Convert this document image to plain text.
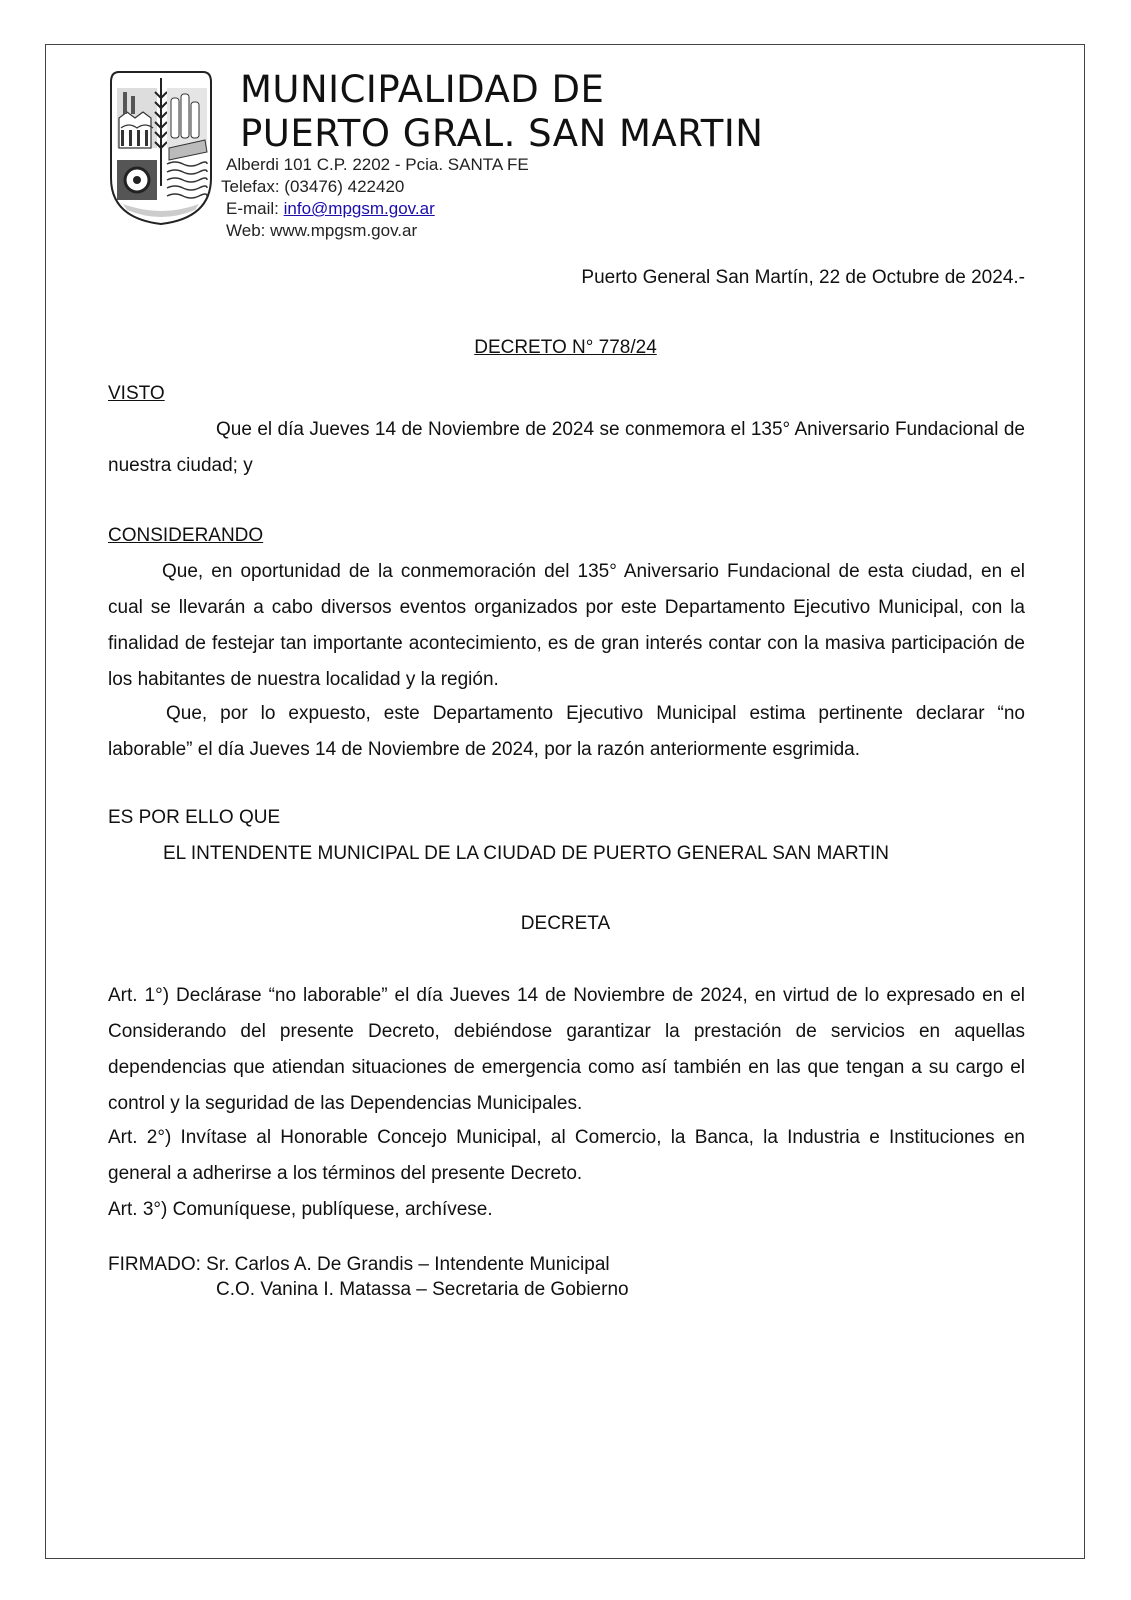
MUNICIPALIDAD DE
PUERTO GRAL. SAN MARTIN
Alberdi 101 C.P. 2202 - Pcia. SANTA FE
Telefax: (03476) 422420
E-mail: info@mpgsm.gov.ar
Web: www.mpgsm.gov.ar
Puerto General San Martín, 22 de Octubre de 2024.-
DECRETO N° 778/24
VISTO
Que el día Jueves 14 de Noviembre de 2024 se conmemora el 135° Aniversario Fundacional de nuestra ciudad; y
CONSIDERANDO
Que, en oportunidad de la conmemoración del 135° Aniversario Fundacional de esta ciudad, en el cual se llevarán a cabo diversos eventos organizados por este Departamento Ejecutivo Municipal, con la finalidad de festejar tan importante acontecimiento, es de gran interés contar con la masiva participación de los habitantes de nuestra localidad y la región.
Que, por lo expuesto, este Departamento Ejecutivo Municipal estima pertinente declarar “no laborable” el día Jueves 14 de Noviembre de 2024, por la razón anteriormente esgrimida.
ES POR ELLO QUE
EL INTENDENTE MUNICIPAL DE LA CIUDAD DE PUERTO GENERAL SAN MARTIN
DECRETA
Art. 1°) Declárase “no laborable” el día Jueves 14 de Noviembre de 2024, en virtud de lo expresado en el Considerando del presente Decreto, debiéndose garantizar la prestación de servicios en aquellas dependencias que atiendan situaciones de emergencia como así también en las que tengan a su cargo el control y la seguridad de las Dependencias Municipales.
Art. 2°) Invítase al Honorable Concejo Municipal, al Comercio, la Banca, la Industria e Instituciones en general a adherirse a los términos del presente Decreto.
Art. 3°) Comuníquese, publíquese, archívese.
FIRMADO: Sr. Carlos A. De Grandis – Intendente Municipal
C.O. Vanina I. Matassa – Secretaria de Gobierno
